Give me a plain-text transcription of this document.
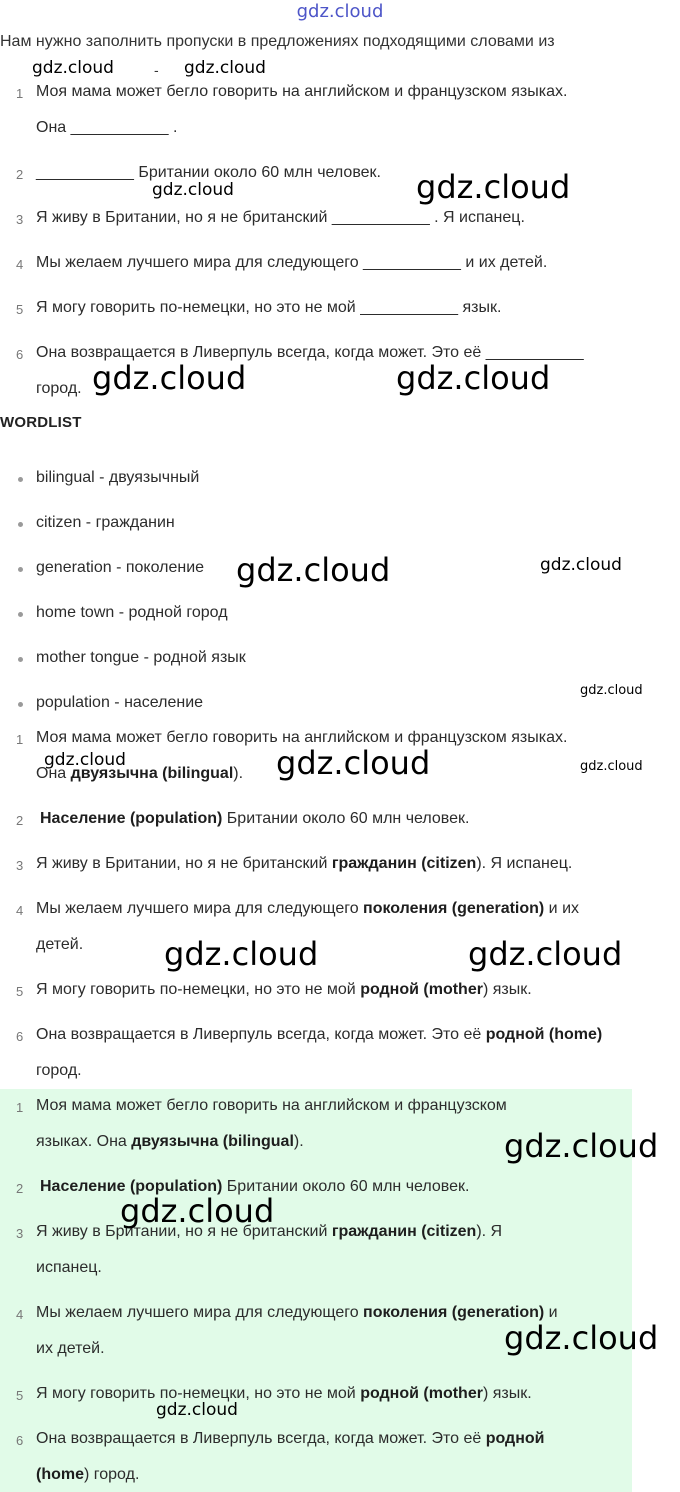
gdz.cloud
Нам нужно заполнить пропуски в предложениях подходящими словами из
gdz.cloud	- gdz.cloud
1 Моя мама может бегло говорить на английском и французском языках.
Она ___________ .
2 ___________ Британии около 60 млн человек.
3 Я живу в Британии, но я не британский ___________ . Я испанец.
4 Мы желаем лучшего мира для следующего ___________ и их детей.
5 Я могу говорить по-немецки, но это не мой ___________ язык.
6 Она возвращается в Ливерпуль всегда, когда может. Это её ___________
город.
gdz.cloud	gdz.cloud
gdz.cloud	gdz.cloud
WORDLIST
bilingual - двуязычный
citizen - гражданин
generation - поколение
home town - родной город
mother tongue - родной язык
population - население
gdz.cloud	gdz.cloud
gdz.cloud
1 Моя мама может бегло говорить на английском и французском языках.
Она двуязычна (bilingual).
2 Население (population) Британии около 60 млн человек.
3 Я живу в Британии, но я не британский гражданин (citizen). Я испанец.
4 Мы желаем лучшего мира для следующего поколения (generation) и их
детей.
5 Я могу говорить по-немецки, но это не мой родной (mother) язык.
6 Она возвращается в Ливерпуль всегда, когда может. Это её родной (home)
город.
gdz.cloud	gdz.cloud	gdz.cloud
gdz.cloud	gdz.cloud
1 Моя мама может бегло говорить на английском и французском
языках. Она двуязычна (bilingual).
2 Население (population) Британии около 60 млн человек.
3 Я живу в Британии, но я не британский гражданин (citizen). Я
испанец.
4 Мы желаем лучшего мира для следующего поколения (generation) и
их детей.
5 Я могу говорить по-немецки, но это не мой родной (mother) язык.
6 Она возвращается в Ливерпуль всегда, когда может. Это её родной
(home) город.
gdz.cloud
gdz.cloud
gdz.cloud
gdz.cloud
